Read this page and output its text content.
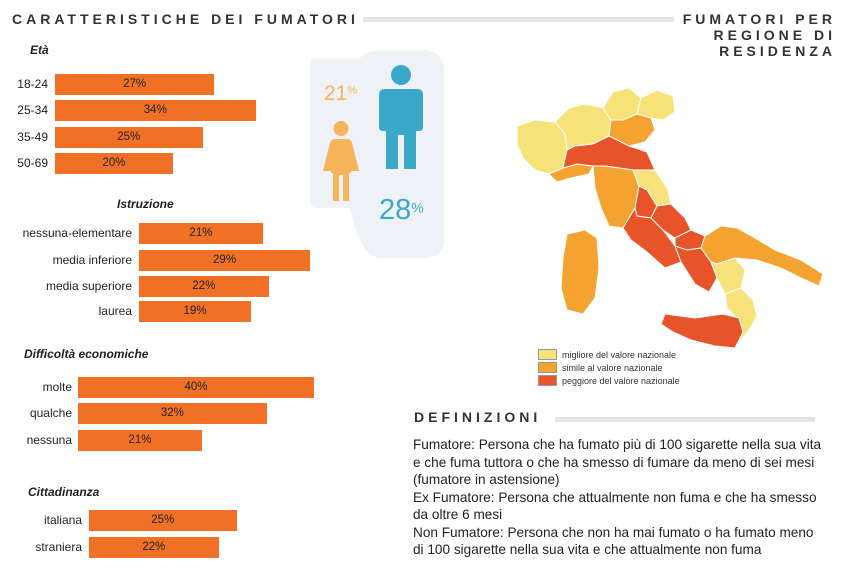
CARATTERISTICHE DEI FUMATORI	FUMATORI PER
REGIONE DI
RESIDENZA
Età
18-24	27%
25-34	34%
35-49	25%
50-69	20%
Istruzione
nessuna-elementare	21%
media inferiore	29%
media superiore	22%
laurea	19%
Difficoltà economiche
molte	40%
qualche	32%
nessuna	21%
Cittadinanza
italiana	25%
straniera	22%
21%
28%
migliore del valore nazionale
simile al valore nazionale
peggiore del valore nazionale
DEFINIZIONI

Fumatore: Persona che ha fumato più di 100 sigarette nella sua vita e che fuma tuttora o che ha smesso di fumare da meno di sei mesi (fumatore in astensione)

Ex Fumatore: Persona che attualmente non fuma e che ha smesso da oltre 6 mesi

Non Fumatore: Persona che non ha mai fumato o ha fumato meno di 100 sigarette nella sua vita e che attualmente non fuma
